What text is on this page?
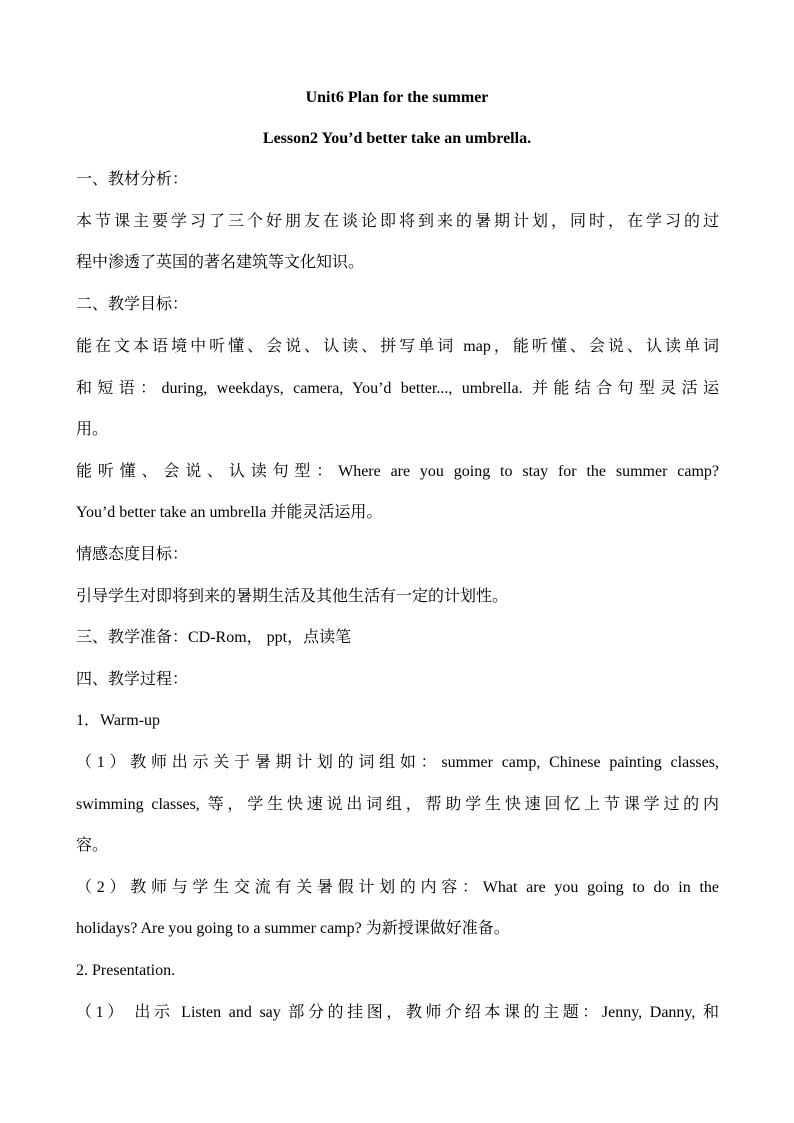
Unit6 Plan for the summer
Lesson2 You’d better take an umbrella.
一、教材分析：
本节课主要学习了三个好朋友在谈论即将到来的暑期计划，同时，在学习的过
程中渗透了英国的著名建筑等文化知识。
二、教学目标：
能在文本语境中听懂、会说、认读、拼写单词 map，能听懂、会说、认读单词
和短语：during, weekdays, camera, You’d better..., umbrella. 并能结合句型灵活运
用。
能听懂、会说、认读句型：Where are you going to stay for the summer camp?
You’d better take an umbrella 并能灵活运用。
情感态度目标：
引导学生对即将到来的暑期生活及其他生活有一定的计划性。
三、教学准备：CD-Rom， ppt，点读笔
四、教学过程：
1．Warm-up
（1）教师出示关于暑期计划的词组如：summer camp, Chinese painting classes,
swimming classes, 等，学生快速说出词组，帮助学生快速回忆上节课学过的内
容。
（2）教师与学生交流有关暑假计划的内容：What are you going to do in the
holidays? Are you going to a summer camp? 为新授课做好准备。
2. Presentation.
（1） 出示 Listen and say 部分的挂图，教师介绍本课的主题：Jenny, Danny, 和
